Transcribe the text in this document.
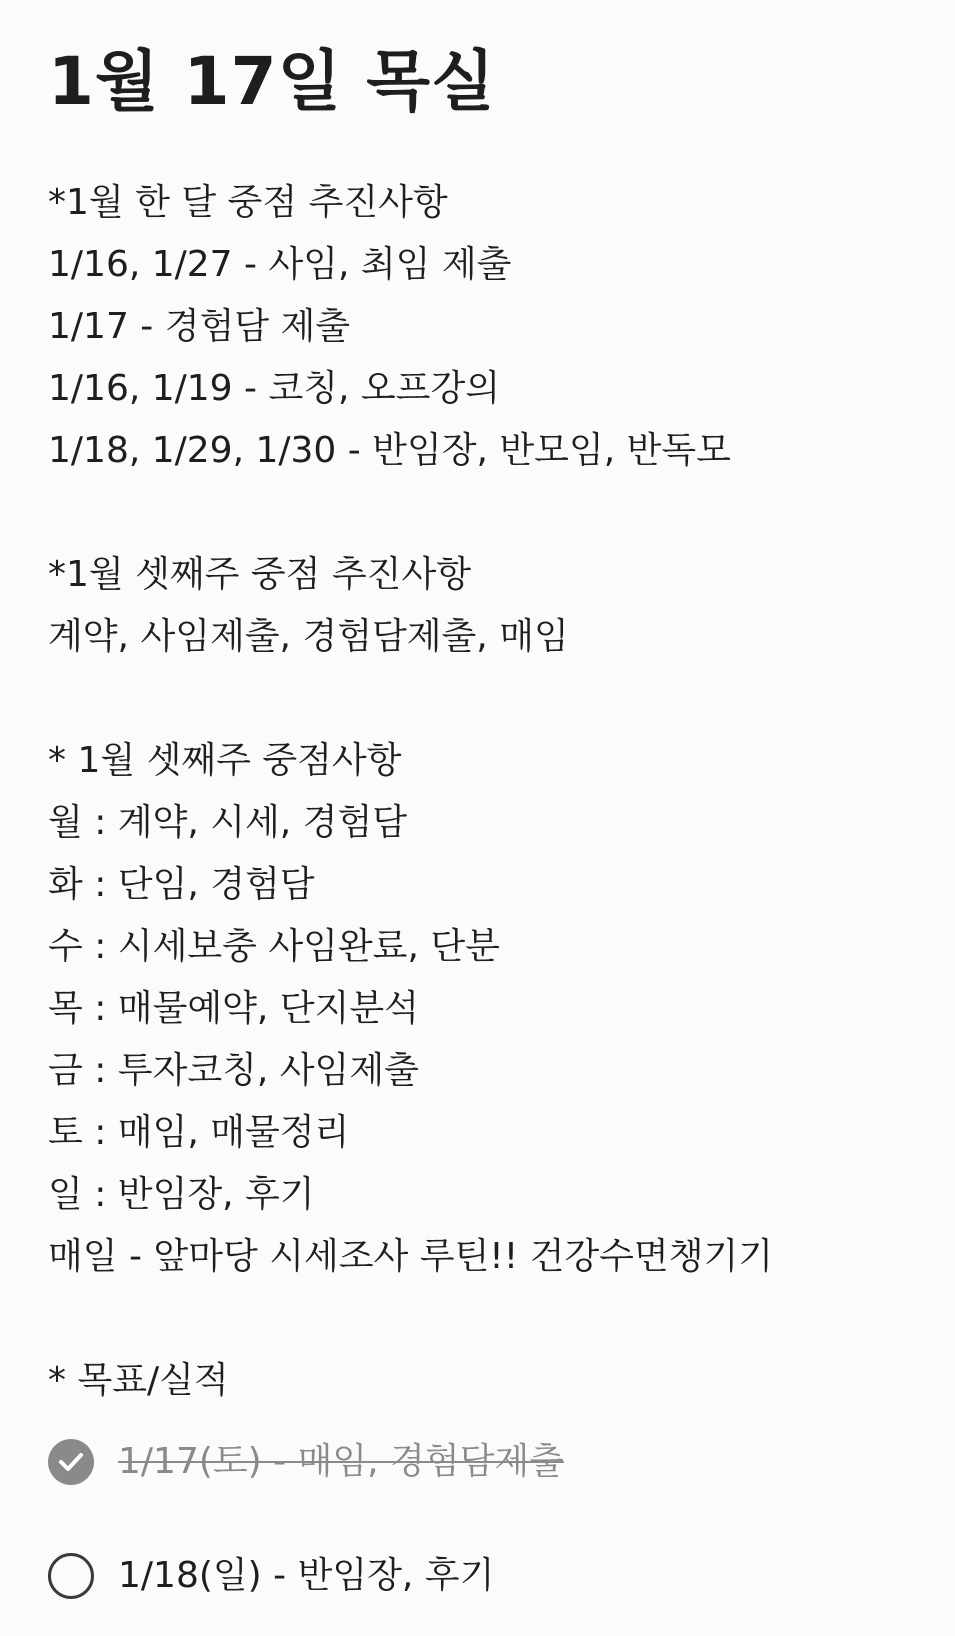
1월 17일 목실
*1월 한 달 중점 추진사항
1/16, 1/27 - 사임, 최임 제출
1/17 - 경험담 제출
1/16, 1/19 - 코칭, 오프강의
1/18, 1/29, 1/30 - 반임장, 반모임, 반독모
*1월 셋째주 중점 추진사항
계약, 사임제출, 경험담제출, 매임
* 1월 셋째주 중점사항
월 : 계약, 시세, 경험담
화 : 단임, 경험담
수 : 시세보충 사임완료, 단분
목 : 매물예약, 단지분석
금 : 투자코칭, 사임제출
토 : 매임, 매물정리
일 : 반임장, 후기
매일 - 앞마당 시세조사 루틴!! 건강수면챙기기
* 목표/실적
1/17(토) - 매임, 경험담제출
1/18(일) - 반임장, 후기
